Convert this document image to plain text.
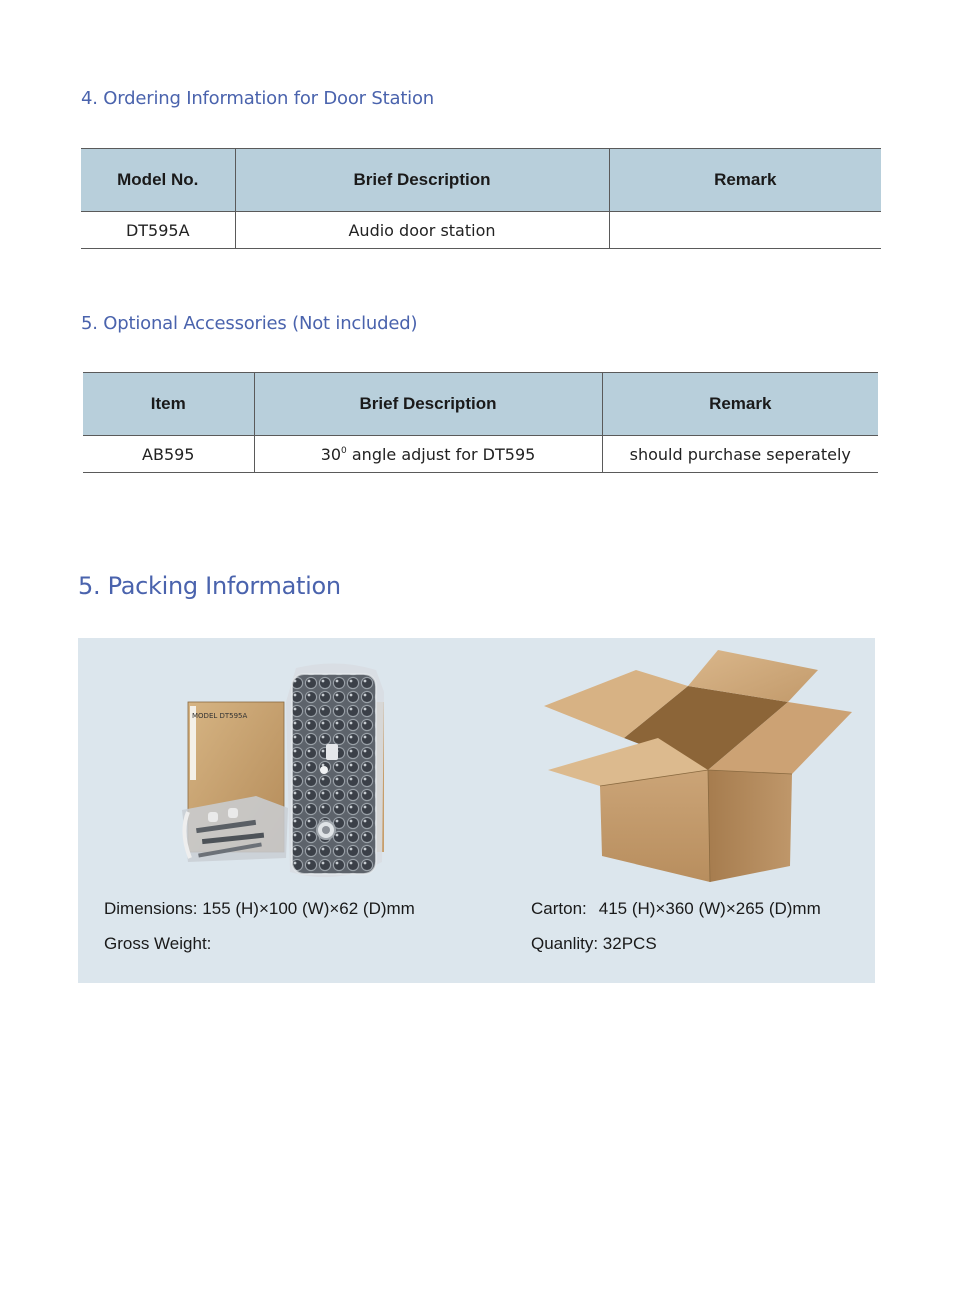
4. Ordering Information for Door Station
Model No.	Brief Description	Remark
DT595A	Audio door station	
5. Optional Accessories (Not included)
Item	Brief Description	Remark
AB595	$30^0$ angle adjust for DT595	should purchase seperately
5. Packing Information
MODEL DT595A
Dimensions: 155 (H)×100 (W)×62 (D)mm
Gross Weight:
Carton: 415 (H)×360 (W)×265 (D)mm
Quanlity: 32PCS
